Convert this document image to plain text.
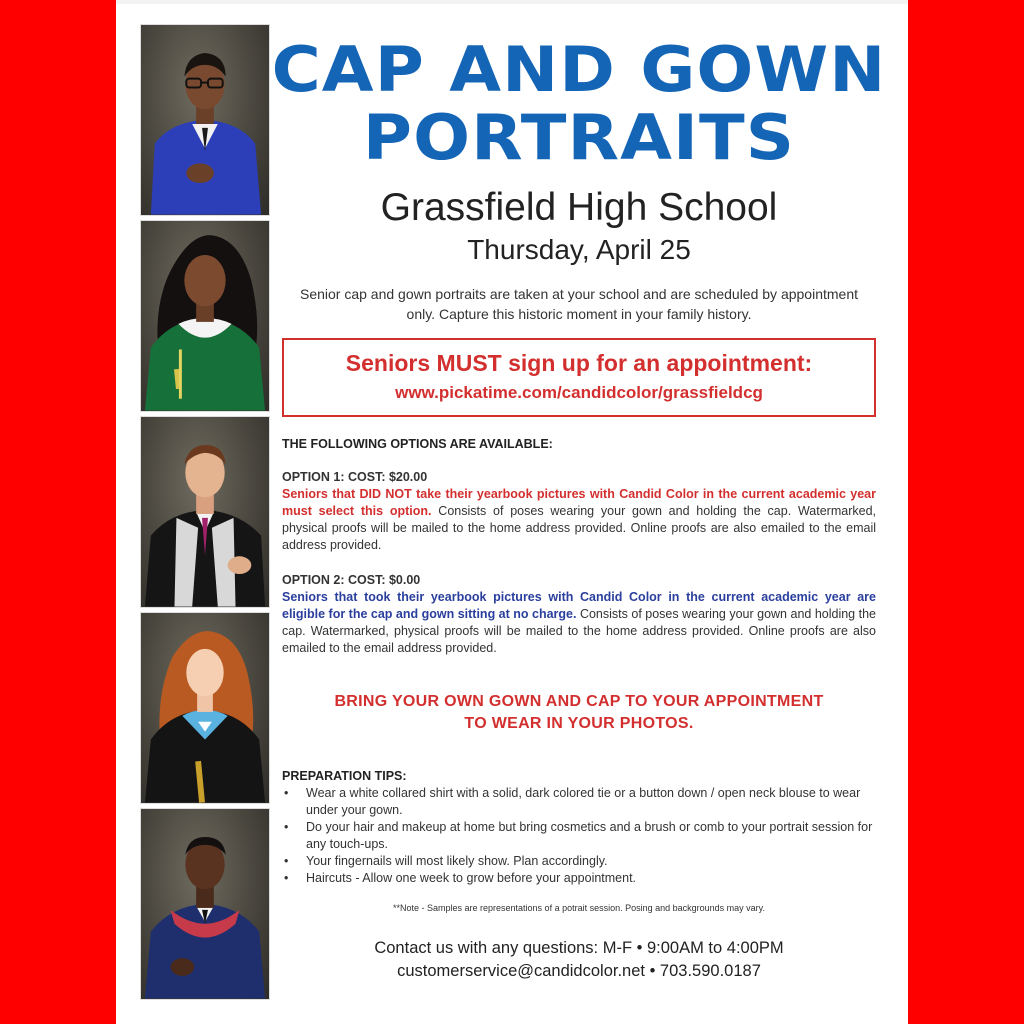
CAP AND GOWN
PORTRAITS
Grassfield High School
Thursday, April 25
Senior cap and gown portraits are taken at your school and are scheduled by appointment only. Capture this historic moment in your family history.
Seniors MUST sign up for an appointment:
www.pickatime.com/candidcolor/grassfieldcg
THE FOLLOWING OPTIONS ARE AVAILABLE:
OPTION 1: COST: $20.00
Seniors that DID NOT take their yearbook pictures with Candid Color in the current academic year must select this option. Consists of poses wearing your gown and holding the cap. Watermarked, physical proofs will be mailed to the home address provided. Online proofs are also emailed to the email address provided.
OPTION 2: COST: $0.00
Seniors that took their yearbook pictures with Candid Color in the current academic year are eligible for the cap and gown sitting at no charge. Consists of poses wearing your gown and holding the cap. Watermarked, physical proofs will be mailed to the home address provided. Online proofs are also emailed to the email address provided.
BRING YOUR OWN GOWN AND CAP TO YOUR APPOINTMENT
TO WEAR IN YOUR PHOTOS.
PREPARATION TIPS:
• Wear a white collared shirt with a solid, dark colored tie or a button down / open neck blouse to wear under your gown.
• Do your hair and makeup at home but bring cosmetics and a brush or comb to your portrait session for any touch-ups.
• Your fingernails will most likely show. Plan accordingly.
• Haircuts - Allow one week to grow before your appointment.
**Note - Samples are representations of a potrait session. Posing and backgrounds may vary.
Contact us with any questions: M-F • 9:00AM to 4:00PM
customerservice@candidcolor.net • 703.590.0187
